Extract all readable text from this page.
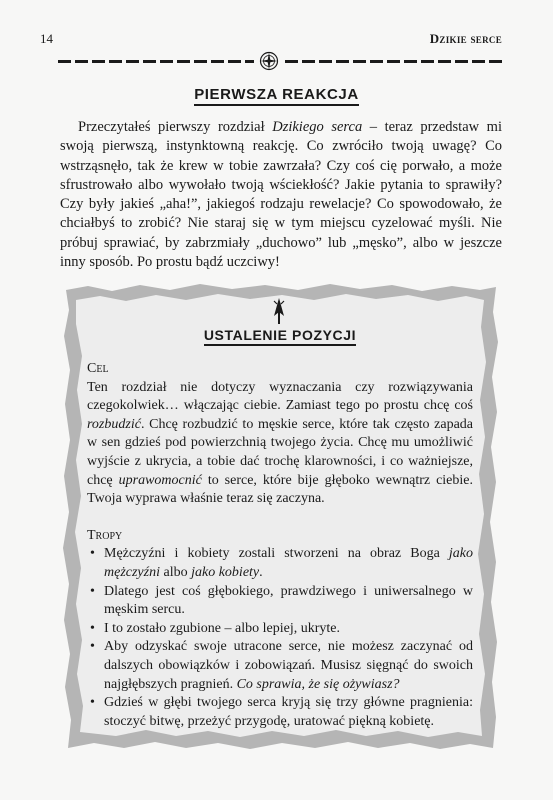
14	Dzikie serce
PIERWSZA REAKCJA

Przeczytałeś pierwszy rozdział Dzikiego serca – teraz przedstaw mi swoją pierwszą, instynktowną reakcję. Co zwróciło twoją uwagę? Co wstrząsnęło, tak że krew w tobie zawrzała? Czy coś cię porwało, a może sfrustrowało albo wywołało twoją wściekłość? Jakie pytania to sprawiły? Czy były jakieś „aha!”, jakiegoś rodzaju rewelacje? Co spowodowało, że chciałbyś to zrobić? Nie staraj się w tym miejscu cyzelować myśli. Nie próbuj sprawiać, by zabrzmiały „duchowo” lub „męsko”, albo w jeszcze inny sposób. Po prostu bądź uczciwy!

USTALENIE POZYCJI

Cel

Ten rozdział nie dotyczy wyznaczania czy rozwiązywania czegokolwiek… włączając ciebie. Zamiast tego po prostu chcę coś rozbudzić. Chcę rozbudzić to męskie serce, które tak często zapada w sen gdzieś pod powierzchnią twojego życia. Chcę mu umożliwić wyjście z ukrycia, a tobie dać trochę klarowności, i co ważniejsze, chcę uprawomocnić to serce, które bije głęboko wewnątrz ciebie. Twoja wyprawa właśnie teraz się zaczyna.

Tropy

• Mężczyźni i kobiety zostali stworzeni na obraz Boga jako mężczyźni albo jako kobiety.
• Dlatego jest coś głębokiego, prawdziwego i uniwersalnego w męskim sercu.
• I to zostało zgubione – albo lepiej, ukryte.
• Aby odzyskać swoje utracone serce, nie możesz zaczynać od dalszych obowiązków i zobowiązań. Musisz sięgnąć do swoich najgłębszych pragnień. Co sprawia, że się ożywiasz?
• Gdzieś w głębi twojego serca kryją się trzy główne pragnienia: stoczyć bitwę, przeżyć przygodę, uratować piękną kobietę.
